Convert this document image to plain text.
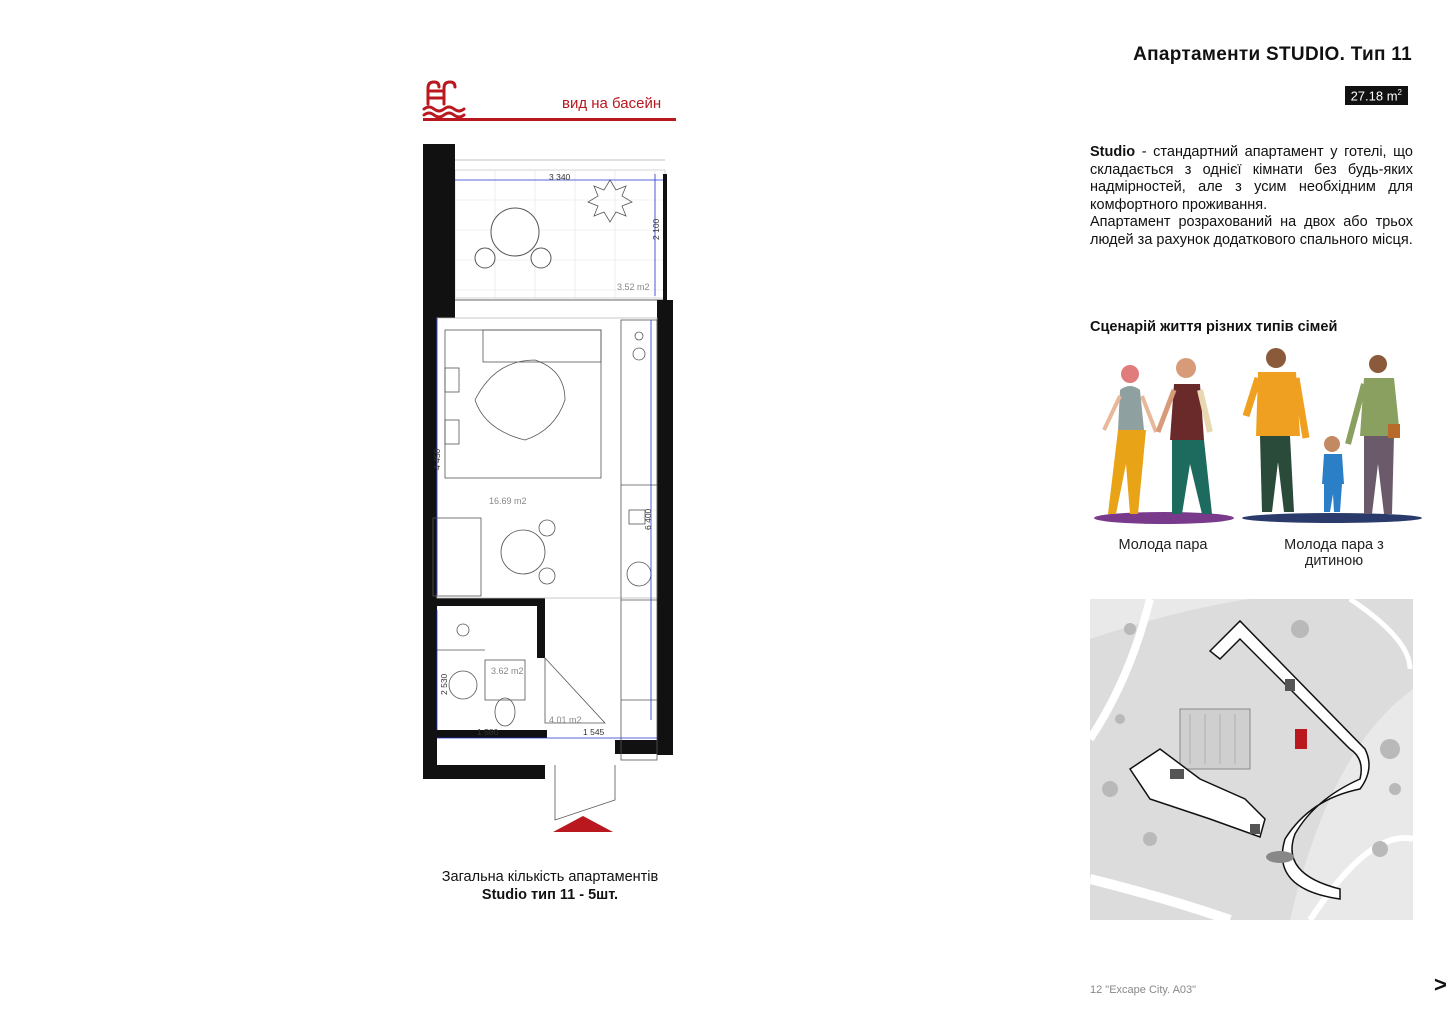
Апартаменти STUDIO. Тип 11
27.18 $m^2$
вид на басейн
3 340
2 100
4 450
6 400
2 530
1 580	1 545
3.52 m2
16.69 m2
3.62 m2
4.01 m2
Загальна кількість апартаментів
Studio тип 11 - 5шт.
Studio - стандартний апартамент у готелі, що складається з однієї кімнати без будь-яких надмірностей, але з усим необхідним для комфортного проживання.
Апартамент розрахований на двох або трьох людей за рахунок додаткового спального місця.
Сценарій життя різних типів сімей
Молода пара	Молода пара з дитиною
12 "Excape City. A03"	>
